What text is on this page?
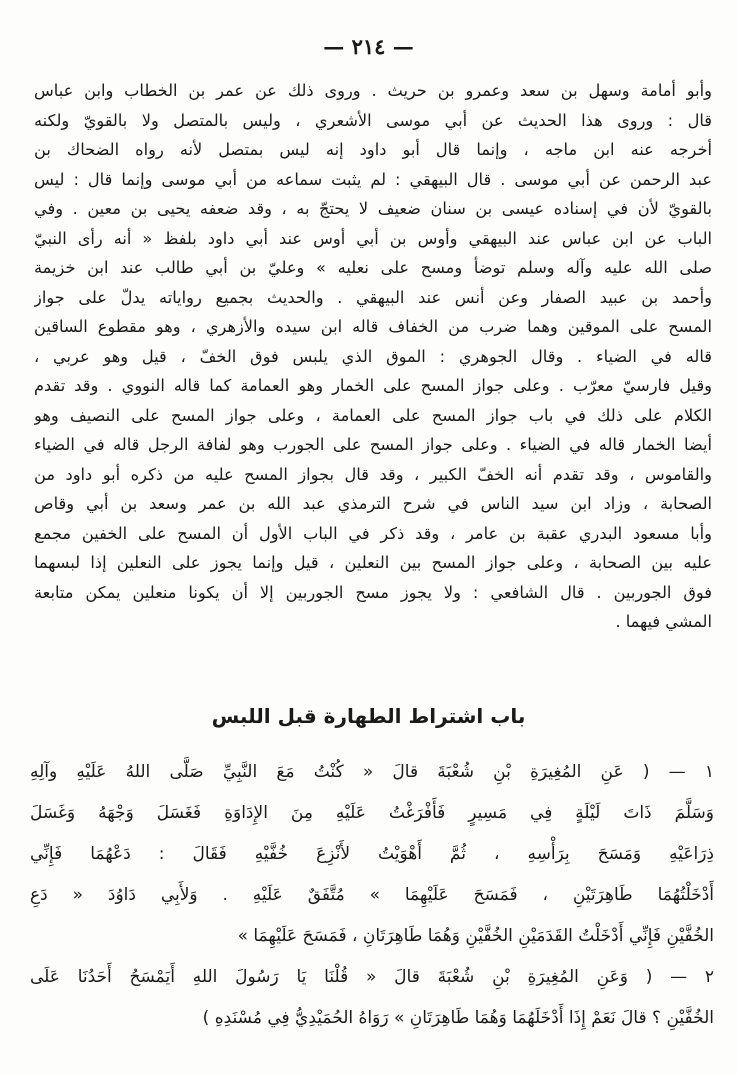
— ٢١٤ —
وأبو أمامة وسهل بن سعد وعمرو بن حريث . وروى ذلك عن عمر بن الخطاب وابن عباس
قال : وروى هذا الحديث عن أبي موسى الأشعري ، وليس بالمتصل ولا بالقويّ ولكنه
أخرجه عنه ابن ماجه ، وإنما قال أبو داود إنه ليس بمتصل لأنه رواه الضحاك بن
عبد الرحمن عن أبي موسى . قال البيهقي : لم يثبت سماعه من أبي موسى وإنما قال : ليس
بالقويّ لأن في إسناده عيسى بن سنان ضعيف لا يحتجّ به ، وقد ضعفه يحيى بن معين . وفي
الباب عن ابن عباس عند البيهقي وأوس بن أبي أوس عند أبي داود بلفظ « أنه رأى النبيّ
صلى الله عليه وآله وسلم توضأ ومسح على نعليه » وعليّ بن أبي طالب عند ابن خزيمة
وأحمد بن عبيد الصفار وعن أنس عند البيهقي . والحديث بجميع رواياته يدلّ على جواز
المسح على الموقين وهما ضرب من الخفاف قاله ابن سيده والأزهري ، وهو مقطوع الساقين
قاله في الضياء . وقال الجوهري : الموق الذي يلبس فوق الخفّ ، قيل وهو عربي ،
وقيل فارسيّ معرّب . وعلى جواز المسح على الخمار وهو العمامة كما قاله النووي . وقد تقدم
الكلام على ذلك في باب جواز المسح على العمامة ، وعلى جواز المسح على النصيف وهو
أيضا الخمار قاله في الضياء . وعلى جواز المسح على الجورب وهو لفافة الرجل قاله في الضياء
والقاموس ، وقد تقدم أنه الخفّ الكبير ، وقد قال بجواز المسح عليه من ذكره أبو داود من
الصحابة ، وزاد ابن سيد الناس في شرح الترمذي عبد الله بن عمر وسعد بن أبي وقاص
وأبا مسعود البدري عقبة بن عامر ، وقد ذكر في الباب الأول أن المسح على الخفين مجمع
عليه بين الصحابة ، وعلى جواز المسح بين النعلين ، قيل وإنما يجوز على النعلين إذا لبسهما
فوق الجوربين . قال الشافعي : ولا يجوز مسح الجوربين إلا أن يكونا منعلين يمكن متابعة
المشي فيهما .
باب اشتراط الطهارة قبل اللبس
١ — ( عَنِ المُغِيرَةِ بْنِ شُعْبَةَ قالَ « كُنْتُ مَعَ النَّبِيِّ صَلَّى اللهُ عَلَيْهِ وآلِهِ
وَسَلَّمَ ذَاتَ لَيْلَةٍ فِي مَسِيرٍ فَأَفْرَغْتُ عَلَيْهِ مِنَ الإِدَاوَةِ فَغَسَلَ وَجْهَهُ وَغَسَلَ
ذِرَاعَيْهِ وَمَسَحَ بِرَأْسِهِ ، ثُمَّ أَهْوَيْتُ لأَنْزِعَ خُفَّيْهِ فَقَالَ : دَعْهُمَا فَإِنِّي
أَدْخَلْتُهُمَا طَاهِرَتَيْنِ ، فَمَسَحَ عَلَيْهِمَا » مُتَّفَقٌ عَلَيْهِ . وَلأَبِي دَاوُدَ « دَعِ
الخُفَّيْنِ فَإِنِّي أَدْخَلْتُ القَدَمَيْنِ الخُفَّيْنِ وَهُمَا طَاهِرَتَانِ ، فَمَسَحَ عَلَيْهِمَا »
٢ — ( وَعَنِ المُغِيرَةِ بْنِ شُعْبَةَ قالَ « قُلْنَا يَا رَسُولَ اللهِ أَيَمْسَحُ أَحَدُنَا عَلَى
الخُفَّيْنِ ؟ قالَ نَعَمْ إِذَا أَدْخَلَهُمَا وَهُمَا طَاهِرَتَانِ » رَوَاهُ الحُمَيْدِيُّ فِي مُسْنَدِهِ )
